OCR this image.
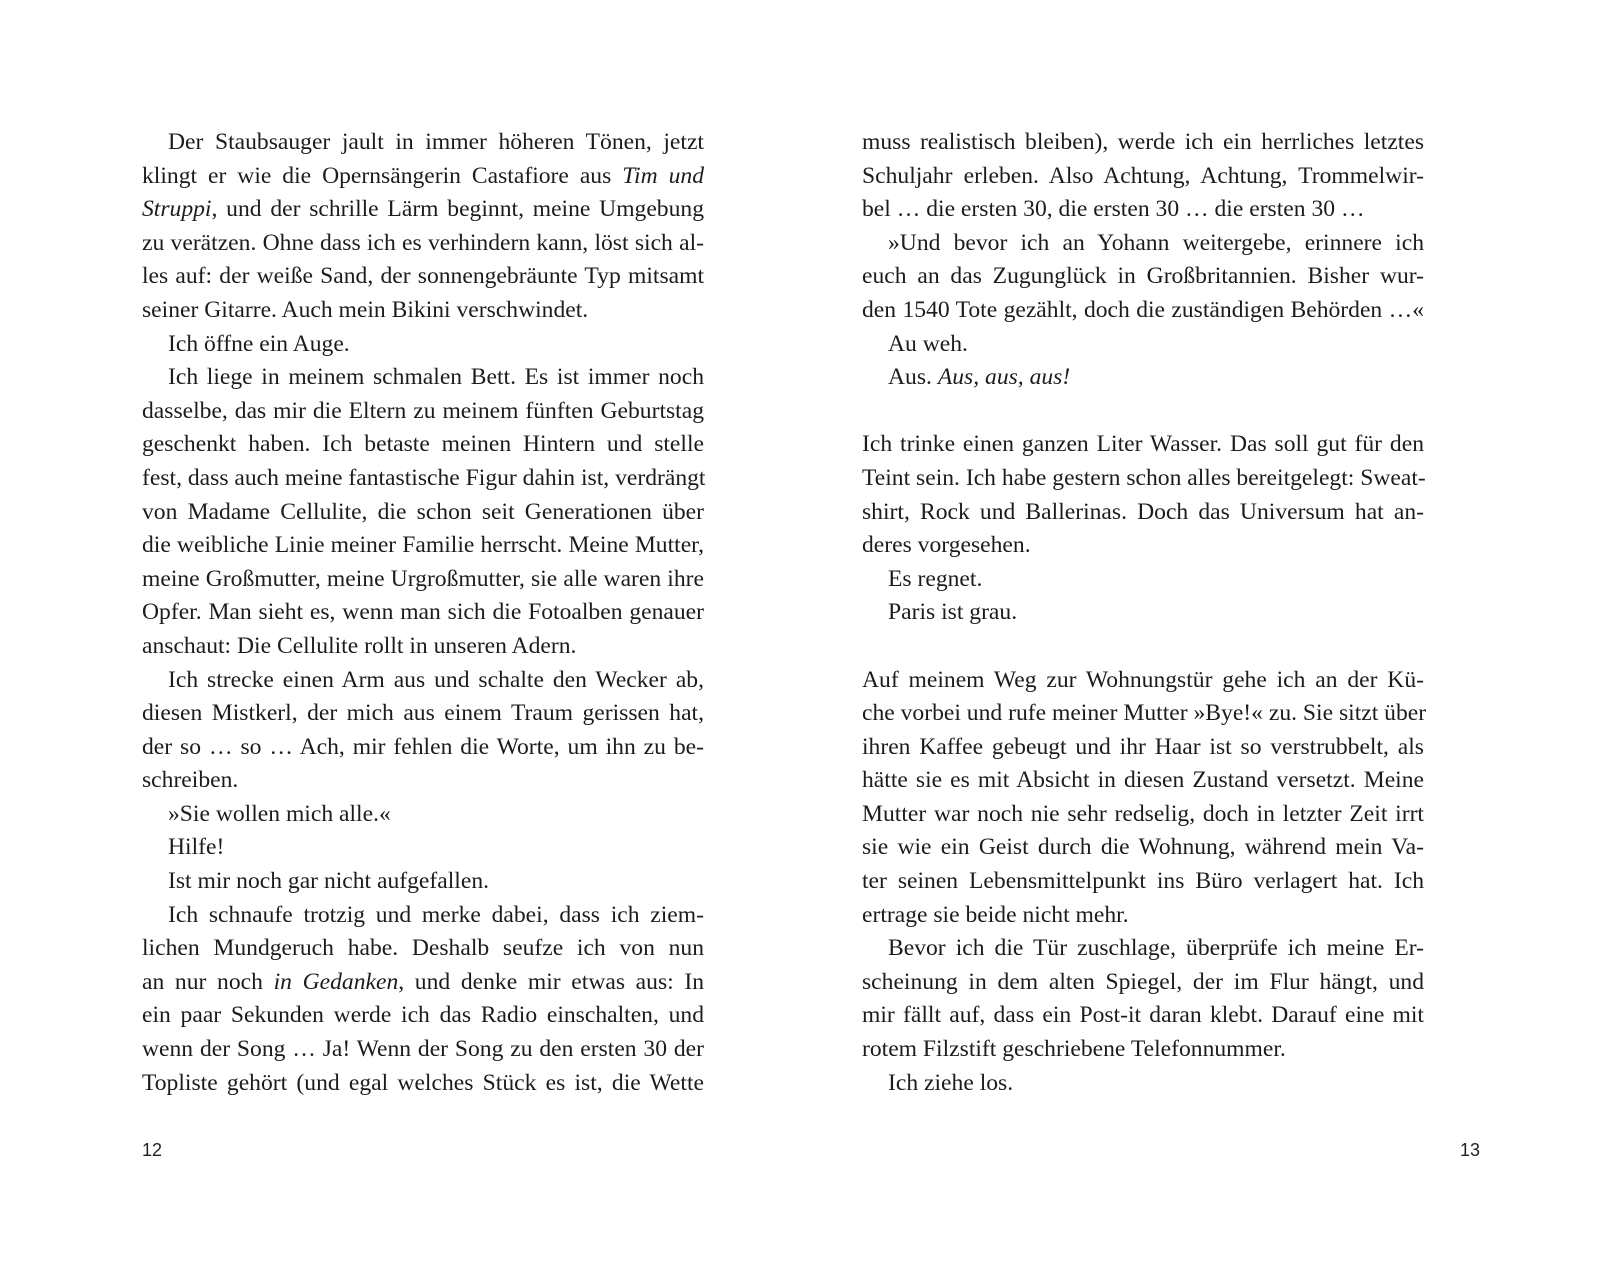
Der Staubsauger jault in immer höheren Tönen, jetzt
klingt er wie die Opernsängerin Castafiore aus Tim und
Struppi, und der schrille Lärm beginnt, meine Umgebung
zu verätzen. Ohne dass ich es verhindern kann, löst sich al-
les auf: der weiße Sand, der sonnengebräunte Typ mitsamt
seiner Gitarre. Auch mein Bikini verschwindet.
Ich öffne ein Auge.
Ich liege in meinem schmalen Bett. Es ist immer noch
dasselbe, das mir die Eltern zu meinem fünften Geburtstag
geschenkt haben. Ich betaste meinen Hintern und stelle
fest, dass auch meine fantastische Figur dahin ist, verdrängt
von Madame Cellulite, die schon seit Generationen über
die weibliche Linie meiner Familie herrscht. Meine Mutter,
meine Großmutter, meine Urgroßmutter, sie alle waren ihre
Opfer. Man sieht es, wenn man sich die Fotoalben genauer
anschaut: Die Cellulite rollt in unseren Adern.
Ich strecke einen Arm aus und schalte den Wecker ab,
diesen Mistkerl, der mich aus einem Traum gerissen hat,
der so … so … Ach, mir fehlen die Worte, um ihn zu be-
schreiben.
»Sie wollen mich alle.«
Hilfe!
Ist mir noch gar nicht aufgefallen.
Ich schnaufe trotzig und merke dabei, dass ich ziem-
lichen Mundgeruch habe. Deshalb seufze ich von nun
an nur noch in Gedanken, und denke mir etwas aus: In
ein paar Sekunden werde ich das Radio einschalten, und
wenn der Song … Ja! Wenn der Song zu den ersten 30 der
Topliste gehört (und egal welches Stück es ist, die Wette
12
muss realistisch bleiben), werde ich ein herrliches letztes
Schuljahr erleben. Also Achtung, Achtung, Trommelwir-
bel … die ersten 30, die ersten 30 … die ersten 30 …
»Und bevor ich an Yohann weitergebe, erinnere ich
euch an das Zugunglück in Großbritannien. Bisher wur-
den 1540 Tote gezählt, doch die zuständigen Behörden …«
Au weh.
Aus. Aus, aus, aus!
Ich trinke einen ganzen Liter Wasser. Das soll gut für den
Teint sein. Ich habe gestern schon alles bereitgelegt: Sweat-
shirt, Rock und Ballerinas. Doch das Universum hat an-
deres vorgesehen.
Es regnet.
Paris ist grau.
Auf meinem Weg zur Wohnungstür gehe ich an der Kü-
che vorbei und rufe meiner Mutter »Bye!« zu. Sie sitzt über
ihren Kaffee gebeugt und ihr Haar ist so verstrubbelt, als
hätte sie es mit Absicht in diesen Zustand versetzt. Meine
Mutter war noch nie sehr redselig, doch in letzter Zeit irrt
sie wie ein Geist durch die Wohnung, während mein Va-
ter seinen Lebensmittelpunkt ins Büro verlagert hat. Ich
ertrage sie beide nicht mehr.
Bevor ich die Tür zuschlage, überprüfe ich meine Er-
scheinung in dem alten Spiegel, der im Flur hängt, und
mir fällt auf, dass ein Post-it daran klebt. Darauf eine mit
rotem Filzstift geschriebene Telefonnummer.
Ich ziehe los.
13
